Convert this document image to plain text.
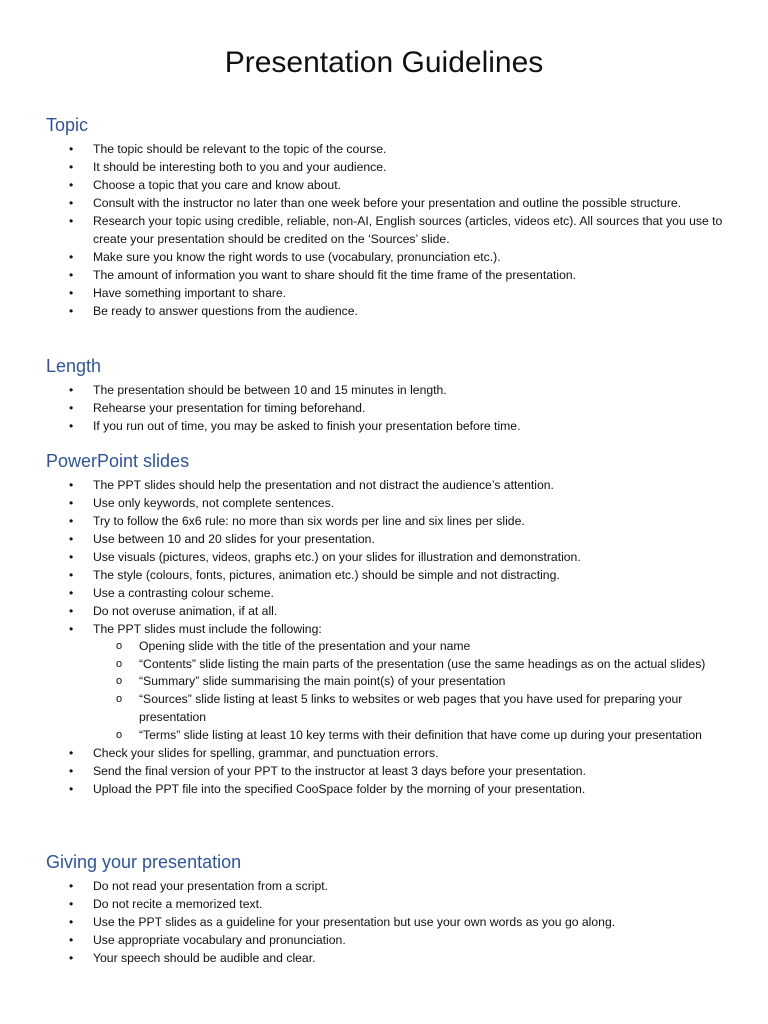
Presentation Guidelines
Topic
• The topic should be relevant to the topic of the course.
• It should be interesting both to you and your audience.
• Choose a topic that you care and know about.
• Consult with the instructor no later than one week before your presentation and outline the possible structure.
• Research your topic using credible, reliable, non-AI, English sources (articles, videos etc). All sources that you use to create your presentation should be credited on the ‘Sources’ slide.
• Make sure you know the right words to use (vocabulary, pronunciation etc.).
• The amount of information you want to share should fit the time frame of the presentation.
• Have something important to share.
• Be ready to answer questions from the audience.
Length
• The presentation should be between 10 and 15 minutes in length.
• Rehearse your presentation for timing beforehand.
• If you run out of time, you may be asked to finish your presentation before time.
PowerPoint slides
• The PPT slides should help the presentation and not distract the audience’s attention.
• Use only keywords, not complete sentences.
• Try to follow the 6x6 rule: no more than six words per line and six lines per slide.
• Use between 10 and 20 slides for your presentation.
• Use visuals (pictures, videos, graphs etc.) on your slides for illustration and demonstration.
• The style (colours, fonts, pictures, animation etc.) should be simple and not distracting.
• Use a contrasting colour scheme.
• Do not overuse animation, if at all.
• The PPT slides must include the following:
o Opening slide with the title of the presentation and your name
o “Contents” slide listing the main parts of the presentation (use the same headings as on the actual slides)
o “Summary” slide summarising the main point(s) of your presentation
o “Sources” slide listing at least 5 links to websites or web pages that you have used for preparing your presentation
o “Terms” slide listing at least 10 key terms with their definition that have come up during your presentation
• Check your slides for spelling, grammar, and punctuation errors.
• Send the final version of your PPT to the instructor at least 3 days before your presentation.
• Upload the PPT file into the specified CooSpace folder by the morning of your presentation.
Giving your presentation
• Do not read your presentation from a script.
• Do not recite a memorized text.
• Use the PPT slides as a guideline for your presentation but use your own words as you go along.
• Use appropriate vocabulary and pronunciation.
• Your speech should be audible and clear.
